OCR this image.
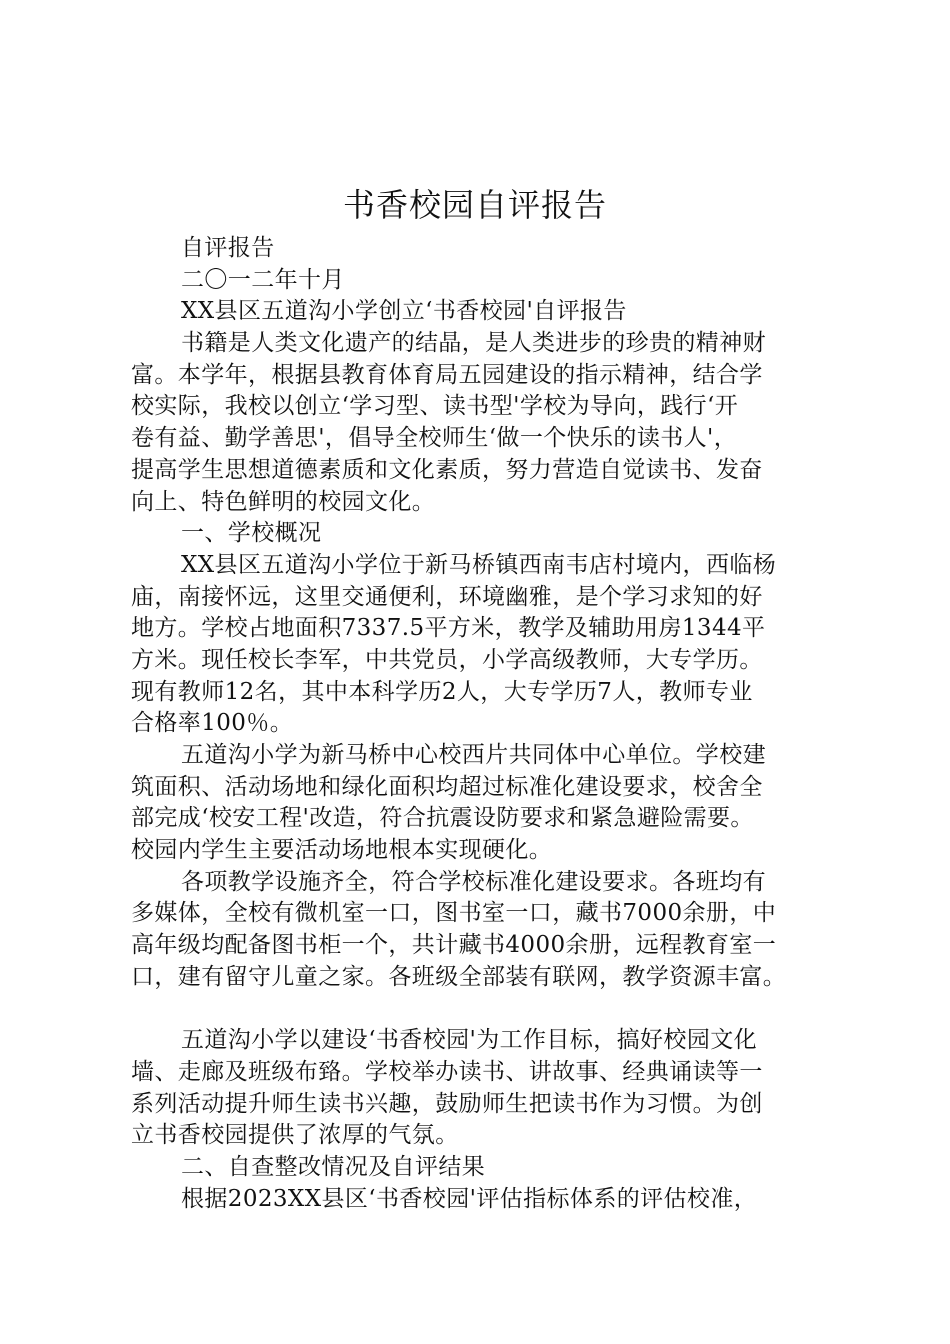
书香校园自评报告
自评报告
二〇一二年十月
XX县区五道沟小学创立‘书香校园'自评报告
书籍是人类文化遗产的结晶，是人类进步的珍贵的精神财
富。本学年，根据县教育体育局五园建设的指示精神，结合学
校实际，我校以创立‘学习型、读书型'学校为导向，践行‘开
卷有益、勤学善思'，倡导全校师生‘做一个快乐的读书人'，
提高学生思想道德素质和文化素质，努力营造自觉读书、发奋
向上、特色鲜明的校园文化。
一、学校概况
XX县区五道沟小学位于新马桥镇西南韦店村境内，西临杨
庙，南接怀远，这里交通便利，环境幽雅，是个学习求知的好
地方。学校占地面积7337.5平方米，教学及辅助用房1344平
方米。现任校长李军，中共党员，小学高级教师，大专学历。
现有教师12名，其中本科学历2人，大专学历7人，教师专业
合格率100％。
五道沟小学为新马桥中心校西片共同体中心单位。学校建
筑面积、活动场地和绿化面积均超过标准化建设要求，校舍全
部完成‘校安工程'改造，符合抗震设防要求和紧急避险需要。
校园内学生主要活动场地根本实现硬化。
各项教学设施齐全，符合学校标准化建设要求。各班均有
多媒体，全校有微机室一口，图书室一口，藏书7000余册，中
高年级均配备图书柜一个，共计藏书4000余册，远程教育室一
口，建有留守儿童之家。各班级全部装有联网，教学资源丰富。
五道沟小学以建设‘书香校园'为工作目标，搞好校园文化
墙、走廊及班级布臵。学校举办读书、讲故事、经典诵读等一
系列活动提升师生读书兴趣，鼓励师生把读书作为习惯。为创
立书香校园提供了浓厚的气氛。
二、自查整改情况及自评结果
根据2023XX县区‘书香校园'评估指标体系的评估校准，
